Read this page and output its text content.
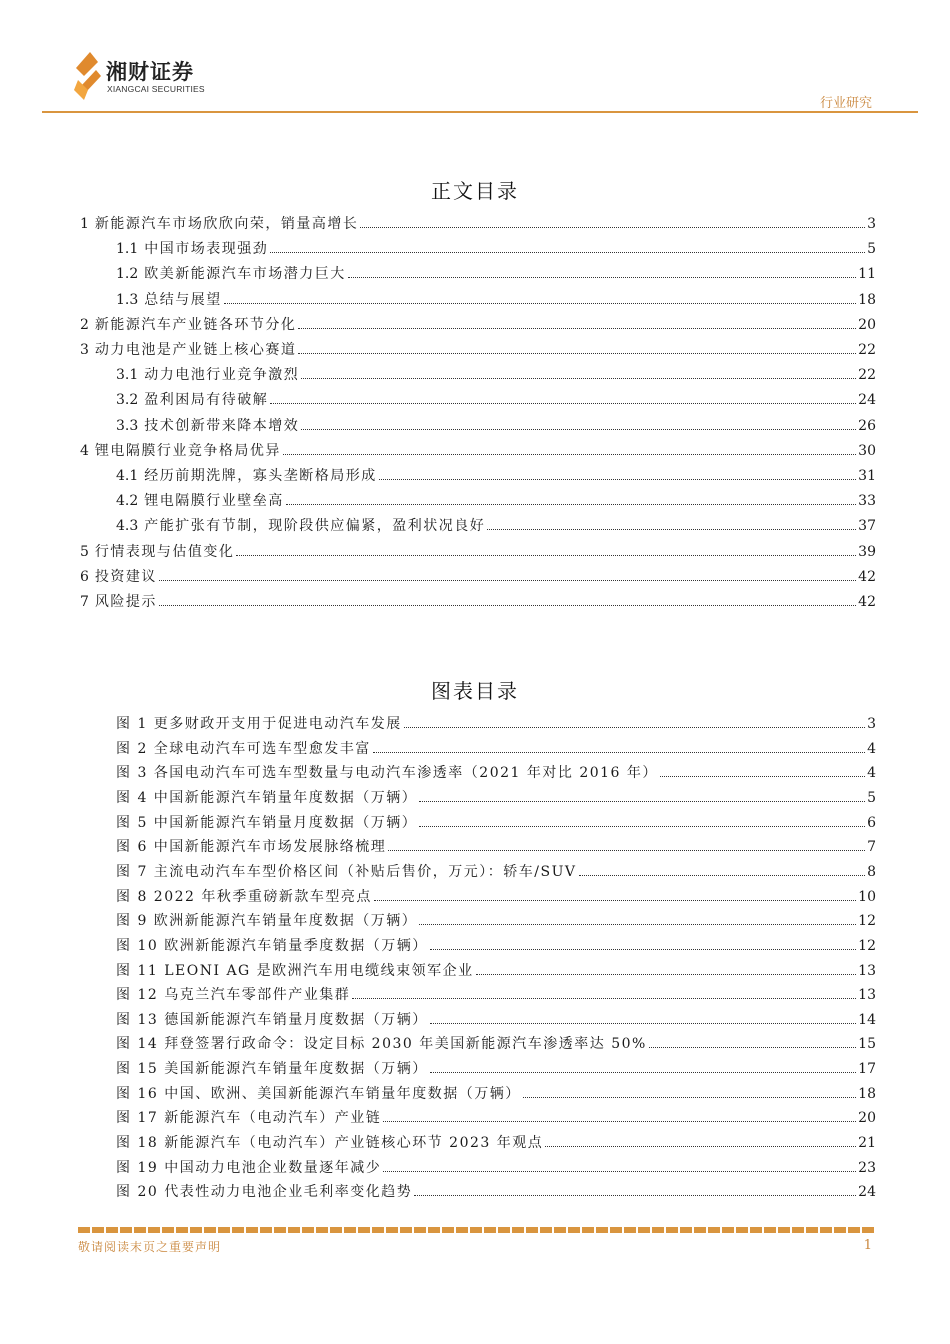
湘财证券
XIANGCAI SECURITIES
行业研究
正文目录
1 新能源汽车市场欣欣向荣，销量高增长	3
1.1 中国市场表现强劲	5
1.2 欧美新能源汽车市场潜力巨大	11
1.3 总结与展望	18
2 新能源汽车产业链各环节分化	20
3 动力电池是产业链上核心赛道	22
3.1 动力电池行业竞争激烈	22
3.2 盈利困局有待破解	24
3.3 技术创新带来降本增效	26
4 锂电隔膜行业竞争格局优异	30
4.1 经历前期洗牌，寡头垄断格局形成	31
4.2 锂电隔膜行业壁垒高	33
4.3 产能扩张有节制，现阶段供应偏紧，盈利状况良好	37
5 行情表现与估值变化	39
6 投资建议	42
7 风险提示	42
图表目录
图 1 更多财政开支用于促进电动汽车发展	3
图 2 全球电动汽车可选车型愈发丰富	4
图 3 各国电动汽车可选车型数量与电动汽车渗透率（2021 年对比 2016 年）	4
图 4 中国新能源汽车销量年度数据（万辆）	5
图 5 中国新能源汽车销量月度数据（万辆）	6
图 6 中国新能源汽车市场发展脉络梳理	7
图 7 主流电动汽车车型价格区间（补贴后售价，万元）：轿车/SUV	8
图 8 2022 年秋季重磅新款车型亮点	10
图 9 欧洲新能源汽车销量年度数据（万辆）	12
图 10 欧洲新能源汽车销量季度数据（万辆）	12
图 11 LEONI AG 是欧洲汽车用电缆线束领军企业	13
图 12 乌克兰汽车零部件产业集群	13
图 13 德国新能源汽车销量月度数据（万辆）	14
图 14 拜登签署行政命令：设定目标 2030 年美国新能源汽车渗透率达 50%	15
图 15 美国新能源汽车销量年度数据（万辆）	17
图 16 中国、欧洲、美国新能源汽车销量年度数据（万辆）	18
图 17 新能源汽车（电动汽车）产业链	20
图 18 新能源汽车（电动汽车）产业链核心环节 2023 年观点	21
图 19 中国动力电池企业数量逐年减少	23
图 20 代表性动力电池企业毛利率变化趋势	24
敬请阅读末页之重要声明	1
